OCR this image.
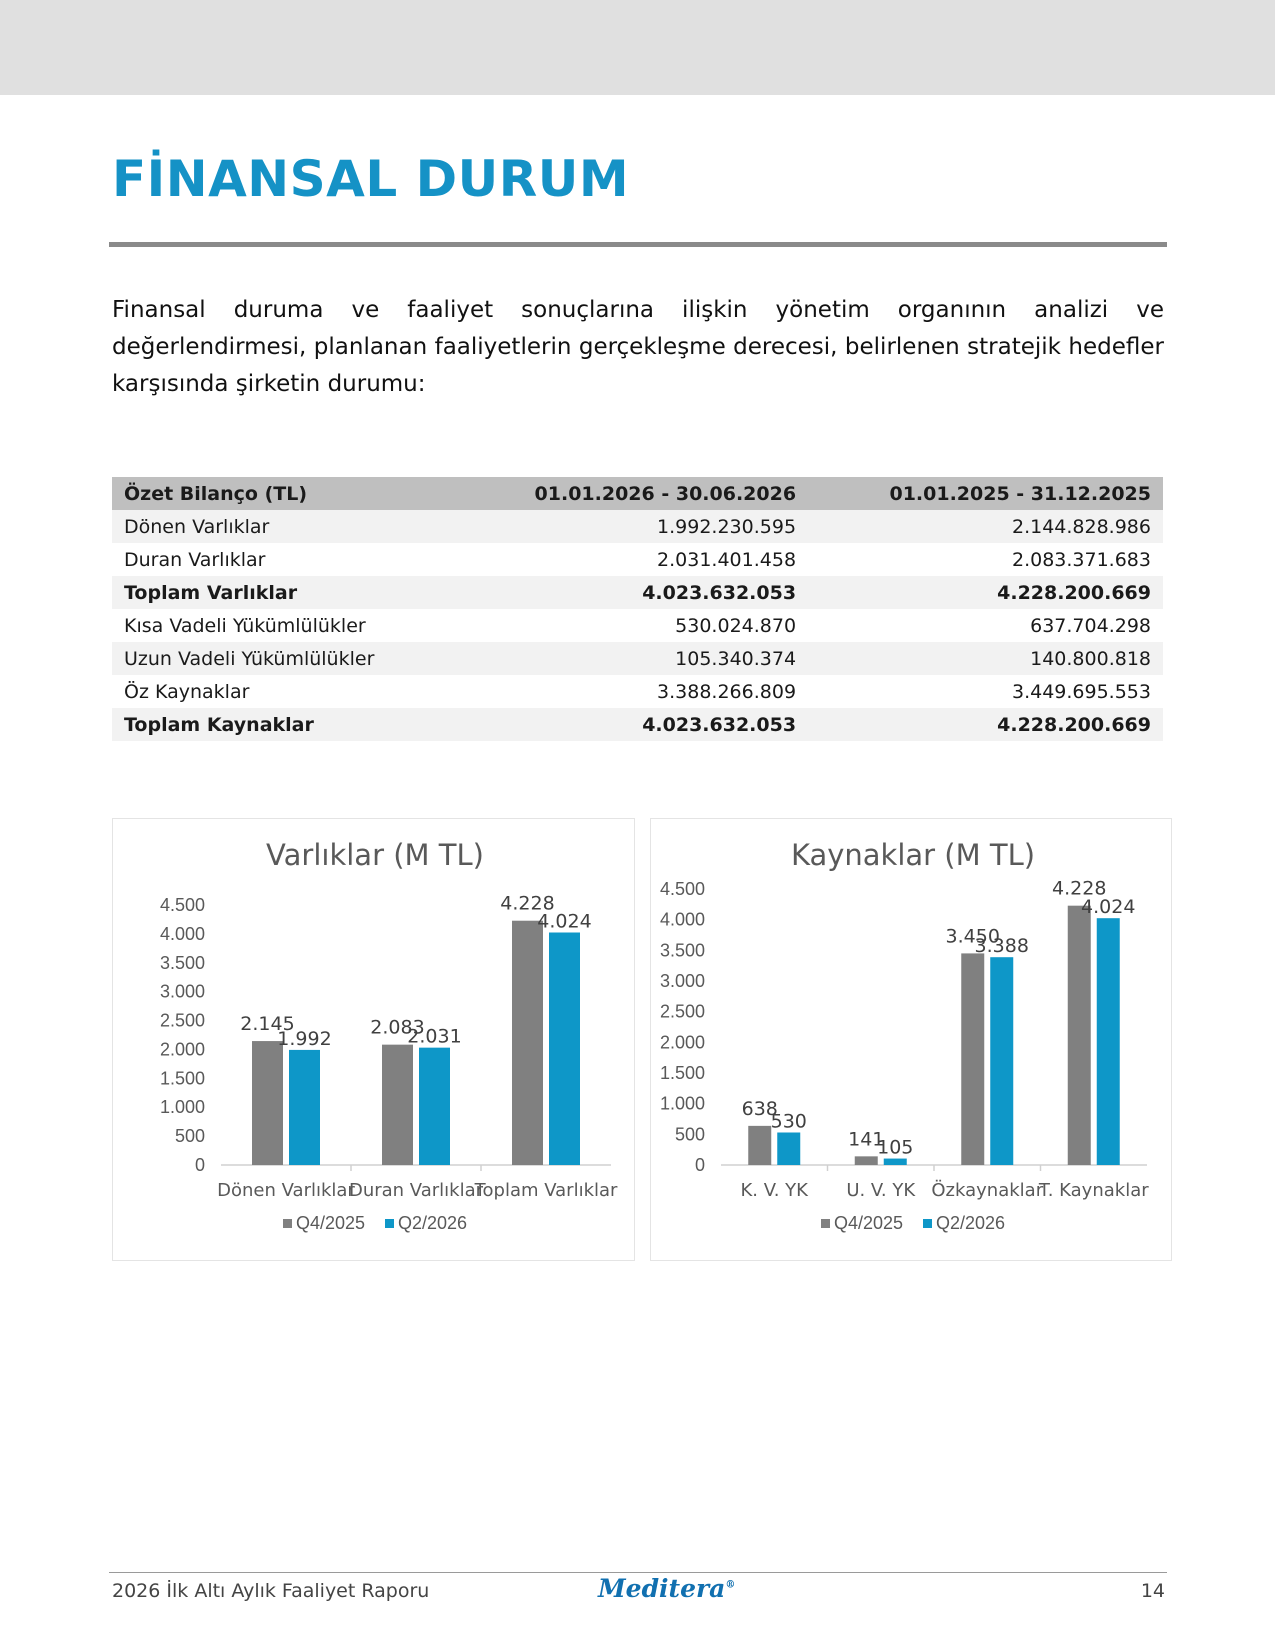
FİNANSAL DURUM

Finansal duruma ve faaliyet sonuçlarına ilişkin yönetim organının analizi ve değerlendirmesi, planlanan faaliyetlerin gerçekleşme derecesi, belirlenen stratejik hedefler karşısında şirketin durumu:

Özet Bilanço (TL)	01.01.2026 - 30.06.2026	01.01.2025 - 31.12.2025
Dönen Varlıklar	1.992.230.595	2.144.828.986
Duran Varlıklar	2.031.401.458	2.083.371.683
Toplam Varlıklar	4.023.632.053	4.228.200.669
Kısa Vadeli Yükümlülükler	530.024.870	637.704.298
Uzun Vadeli Yükümlülükler	105.340.374	140.800.818
Öz Kaynaklar	3.388.266.809	3.449.695.553
Toplam Kaynaklar	4.023.632.053	4.228.200.669
Varlıklar (M TL)
0
500
1.000
1.500
2.000
2.500
3.000
3.500
4.000
4.500
Dönen Varlıklar
2.145
1.992
Duran Varlıklar
2.083
2.031
Toplam Varlıklar
4.228
4.024
Q4/2025 Q2/2026
Kaynaklar (M TL)
0
500
1.000
1.500
2.000
2.500
3.000
3.500
4.000
4.500
K. V. YK
638
530
U. V. YK
141
105
Özkaynaklar
3.450
3.388
T. Kaynaklar
4.228
4.024
Q4/2025 Q2/2026
2026 İlk Altı Aylık Faaliyet Raporu	Meditera®	14
